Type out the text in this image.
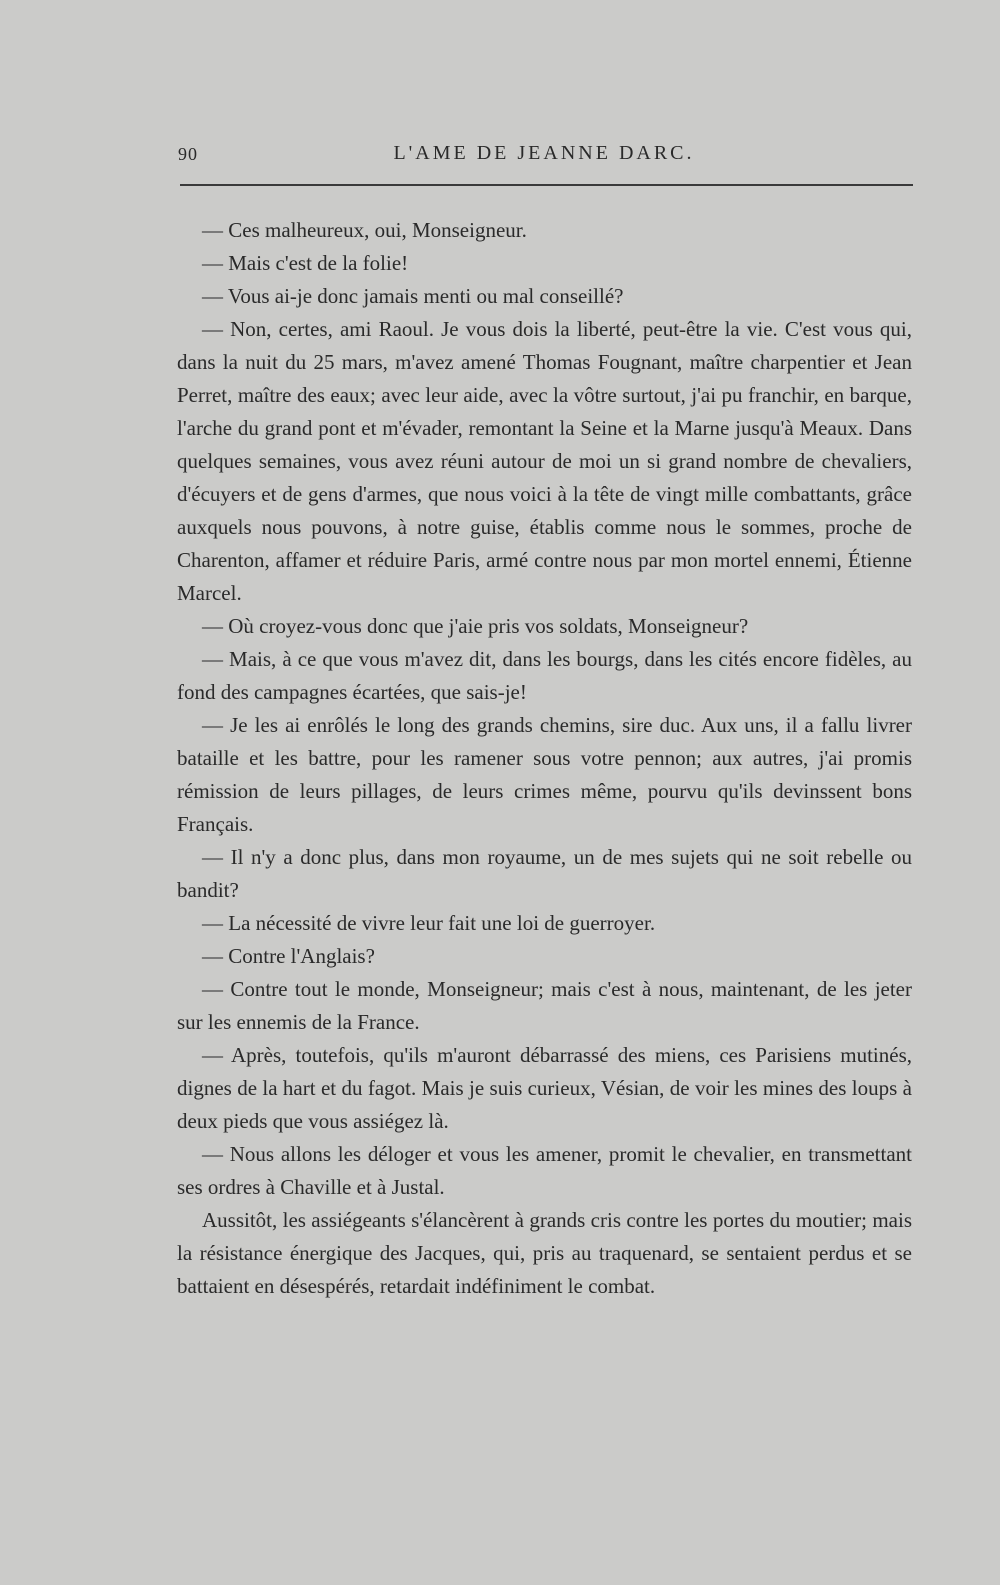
90	L'AME DE JEANNE DARC.

— Ces malheureux, oui, Monseigneur.

— Mais c'est de la folie!

— Vous ai-je donc jamais menti ou mal conseillé?

— Non, certes, ami Raoul. Je vous dois la liberté, peut-être la vie. C'est vous qui, dans la nuit du 25 mars, m'avez amené Thomas Fougnant, maître charpentier et Jean Perret, maître des eaux; avec leur aide, avec la vôtre surtout, j'ai pu franchir, en barque, l'arche du grand pont et m'évader, remontant la Seine et la Marne jusqu'à Meaux. Dans quelques semaines, vous avez réuni autour de moi un si grand nombre de chevaliers, d'écuyers et de gens d'armes, que nous voici à la tête de vingt mille combattants, grâce auxquels nous pouvons, à notre guise, établis comme nous le sommes, proche de Charenton, affamer et réduire Paris, armé contre nous par mon mortel ennemi, Étienne Marcel.

— Où croyez-vous donc que j'aie pris vos soldats, Monseigneur?

— Mais, à ce que vous m'avez dit, dans les bourgs, dans les cités encore fidèles, au fond des campagnes écartées, que sais-je!

— Je les ai enrôlés le long des grands chemins, sire duc. Aux uns, il a fallu livrer bataille et les battre, pour les ramener sous votre pennon; aux autres, j'ai promis rémission de leurs pillages, de leurs crimes même, pourvu qu'ils devinssent bons Français.

— Il n'y a donc plus, dans mon royaume, un de mes sujets qui ne soit rebelle ou bandit?

— La nécessité de vivre leur fait une loi de guerroyer.

— Contre l'Anglais?

— Contre tout le monde, Monseigneur; mais c'est à nous, maintenant, de les jeter sur les ennemis de la France.

— Après, toutefois, qu'ils m'auront débarrassé des miens, ces Parisiens mutinés, dignes de la hart et du fagot. Mais je suis curieux, Vésian, de voir les mines des loups à deux pieds que vous assiégez là.

— Nous allons les déloger et vous les amener, promit le chevalier, en transmettant ses ordres à Chaville et à Justal.

Aussitôt, les assiégeants s'élancèrent à grands cris contre les portes du moutier; mais la résistance énergique des Jacques, qui, pris au traquenard, se sentaient perdus et se battaient en désespérés, retardait indéfiniment le combat.
